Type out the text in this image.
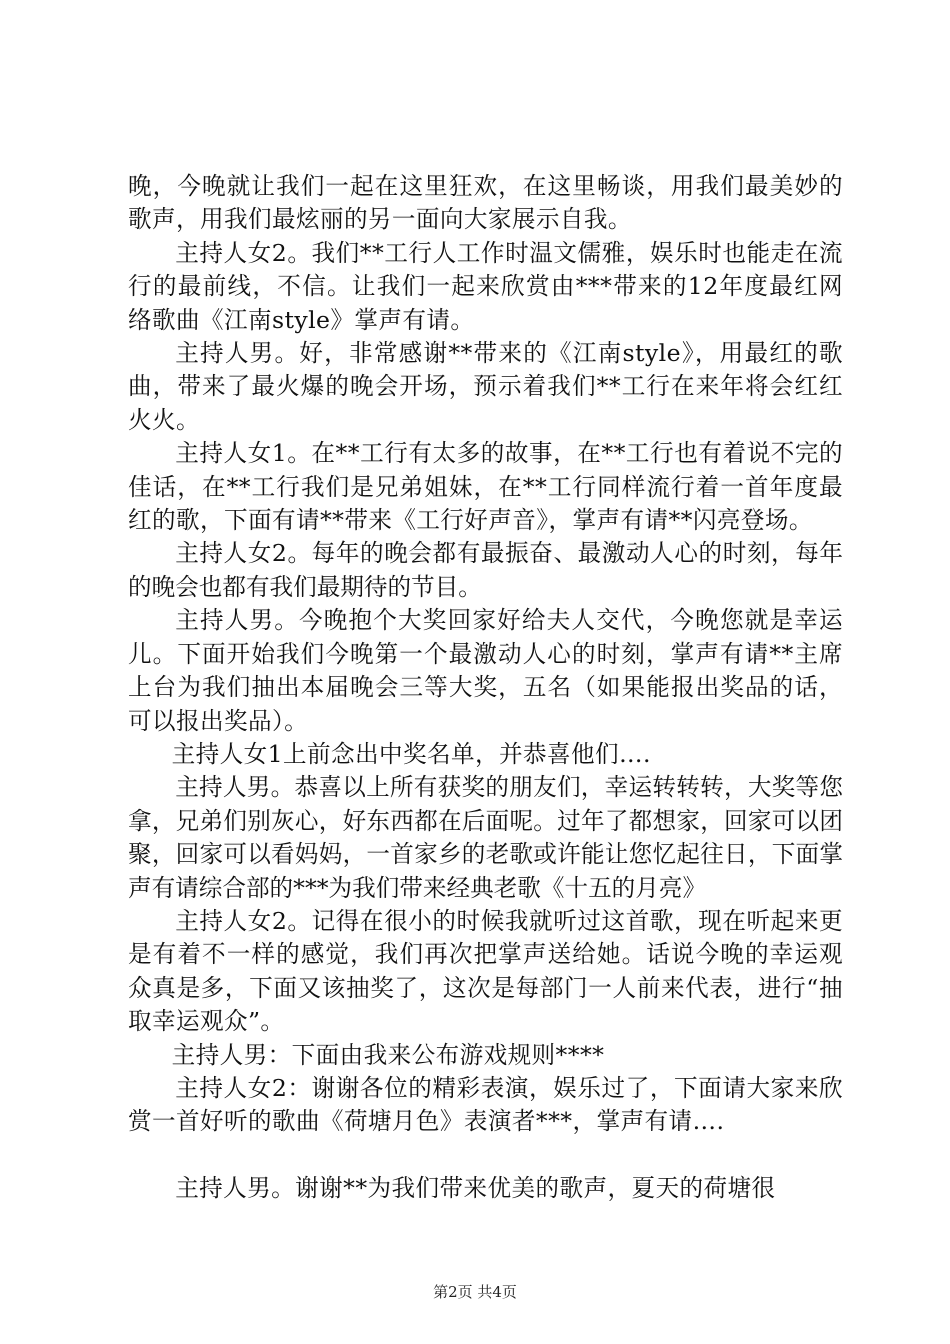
晚，今晚就让我们一起在这里狂欢，在这里畅谈，用我们最美妙的歌声，用我们最炫丽的另一面向大家展示自我。

主持人女2。我们**工行人工作时温文儒雅，娱乐时也能走在流行的最前线，不信。让我们一起来欣赏由***带来的12年度最红网络歌曲《江南style》掌声有请。

主持人男。好，非常感谢**带来的《江南style》，用最红的歌曲，带来了最火爆的晚会开场，预示着我们**工行在来年将会红红火火。

主持人女1。在**工行有太多的故事，在**工行也有着说不完的佳话，在**工行我们是兄弟姐妹，在**工行同样流行着一首年度最红的歌，下面有请**带来《工行好声音》，掌声有请**闪亮登场。

主持人女2。每年的晚会都有最振奋、最激动人心的时刻，每年的晚会也都有我们最期待的节目。

主持人男。今晚抱个大奖回家好给夫人交代，今晚您就是幸运儿。下面开始我们今晚第一个最激动人心的时刻，掌声有请**主席上台为我们抽出本届晚会三等大奖，五名（如果能报出奖品的话，可以报出奖品）。

主持人女1上前念出中奖名单，并恭喜他们….

主持人男。恭喜以上所有获奖的朋友们，幸运转转转，大奖等您拿，兄弟们别灰心，好东西都在后面呢。过年了都想家，回家可以团聚，回家可以看妈妈，一首家乡的老歌或许能让您忆起往日，下面掌声有请综合部的***为我们带来经典老歌《十五的月亮》

主持人女2。记得在很小的时候我就听过这首歌，现在听起来更是有着不一样的感觉，我们再次把掌声送给她。话说今晚的幸运观众真是多，下面又该抽奖了，这次是每部门一人前来代表，进行“抽取幸运观众”。

主持人男：下面由我来公布游戏规则****

主持人女2：谢谢各位的精彩表演，娱乐过了，下面请大家来欣赏一首好听的歌曲《荷塘月色》表演者***，掌声有请….

主持人男。谢谢**为我们带来优美的歌声，夏天的荷塘很

第2页 共4页
